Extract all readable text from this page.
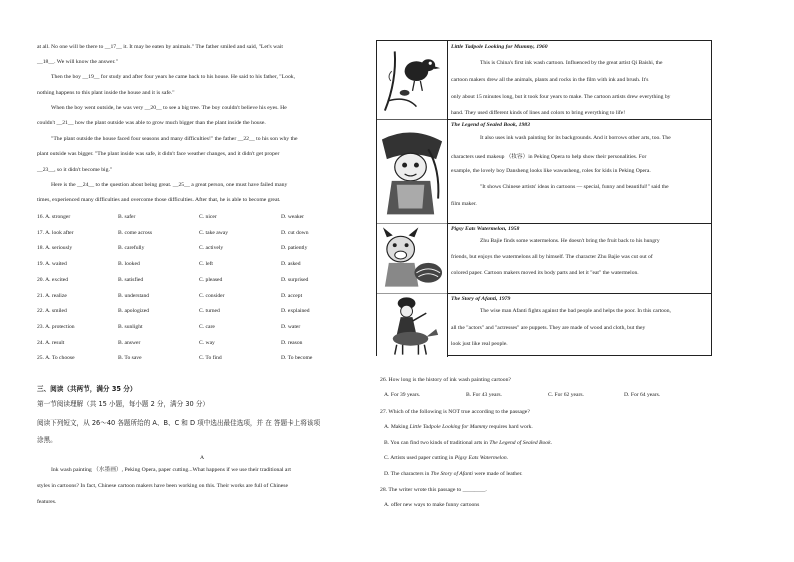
at all. No one will be there to __17__ it. It may be eaten by animals." The father smiled and said, "Let's wait
__18__. We will know the answer."
Then the boy __19__ for study and after four years he came back to his house. He said to his father, "Look,
nothing happens to this plant inside the house and it is safe."
When the boy went outside, he was very __20__ to see a big tree. The boy couldn't believe his eyes. He
couldn't __21__ how the plant outside was able to grow much bigger than the plant inside the house.
"The plant outside the house faced four seasons and many difficulties!" the father __22__ to his son why the
plant outside was bigger. "The plant inside was safe, it didn't face weather changes, and it didn't get proper
__23__, so it didn't become big."
Here is the __24__ to the question about being great. __25__ a great person, one must have failed many
times, experienced many difficulties and overcome those difficulties. After that, he is able to become great.
16. A. stronger	B. safer	C. nicer	D. weaker
17. A. look after	B. come across	C. take away	D. cut down
18. A. seriously	B. carefully	C. actively	D. patiently
19. A. waited	B. looked	C. left	D. asked
20. A. excited	B. satisfied	C. pleased	D. surprised
21. A. realize	B. understand	C. consider	D. accept
22. A. smiled	B. apologized	C. turned	D. explained
23. A. protection	B. sunlight	C. care	D. water
24. A. result	B. answer	C. way	D. reason
25. A. To choose	B. To save	C. To find	D. To become
三、阅读（共两节，满分 35 分）
第一节阅读理解（共 15 小题，每小题 2 分，满分 30 分）
阅读下列短文，从 26～40 各题所给的 A、B、C 和 D 项中选出最佳选项，并 在 答题卡上将该项
涂黑。
A
Ink wash painting （水墨画）, Peking Opera, paper cutting...What happens if we use their traditional art
styles in cartoons? In fact, Chinese cartoon makers have been working on this. Their works are full of Chinese
features.
Little Tadpole Looking for Mummy, 1960
This is China's first ink wash cartoon. Influenced by the great artist Qi Baishi, the
cartoon makers drew all the animals, plants and rocks in the film with ink and brush. It's
only about 15 minutes long, but it took four years to make. The cartoon artists drew everything by
hand. They used different kinds of lines and colors to bring everything to life!
The Legend of Sealed Book, 1983
It also uses ink wash painting for its backgrounds. And it borrows other arts, too. The
characters used makeup （妆容）in Peking Opera to help show their personalities. For
example, the lovely boy Dansheng looks like wawasheng, roles for kids in Peking Opera.
"It shows Chinese artists' ideas in cartoons — special, funny and beautiful!" said the
film maker.
Pigsy Eats Watermelon, 1958
Zhu Bajie finds some watermelons. He doesn't bring the fruit back to his hungry
friends, but enjoys the watermelons all by himself. The character Zhu Bajie was cut out of
colored paper. Cartoon makers moved its body parts and let it "eat" the watermelon.
The Story of Afanti, 1979
The wise man Afanti fights against the bad people and helps the poor. In this cartoon,
all the "actors" and "actresses" are puppets. They are made of wood and cloth, but they
look just like real people.
26. How long is the history of ink wash painting cartoon?
A. For 39 years.	B. For 43 years.	C. For 62 years.	D. For 64 years.
27. Which of the following is NOT true according to the passage?
A. Making Little Tadpole Looking for Mummy requires hard work.
B. You can find two kinds of traditional arts in The Legend of Sealed Book.
C. Artists used paper cutting in Pigsy Eats Watermelon.
D. The characters in The Story of Afanti were made of leather.
28. The writer wrote this passage to ________.
A. offer new ways to make funny cartoons
